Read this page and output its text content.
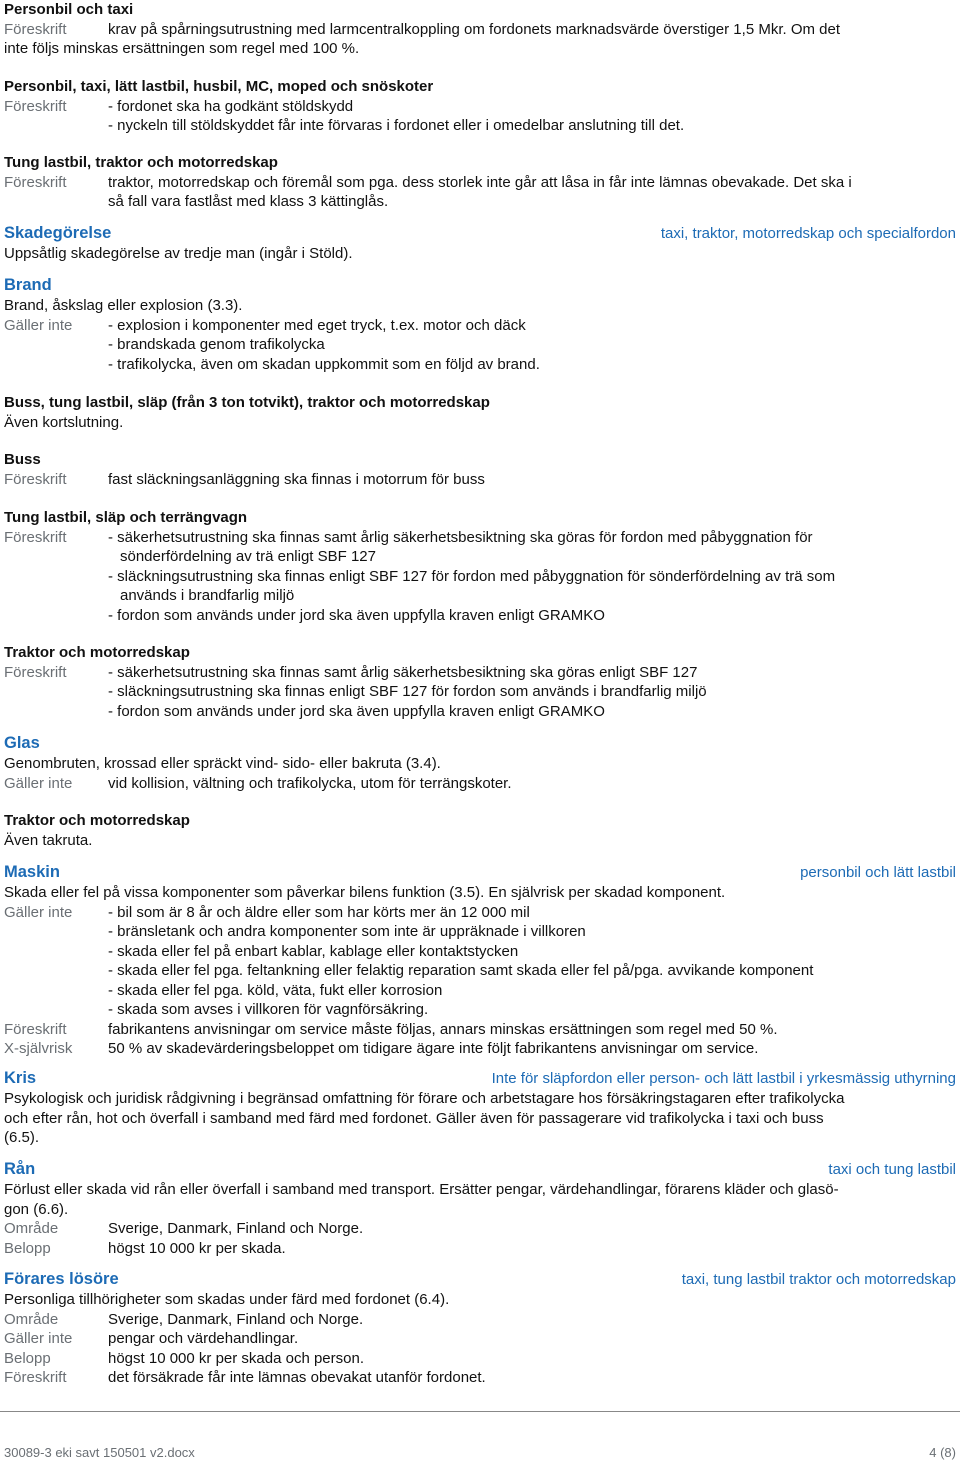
Personbil och taxi
Föreskrift	krav på spårningsutrustning med larmcentralkoppling om fordonets marknadsvärde överstiger 1,5 Mkr. Om det
inte följs minskas ersättningen som regel med 100 %.
Personbil, taxi, lätt lastbil, husbil, MC, moped och snöskoter
Föreskrift	- fordonet ska ha godkänt stöldskydd
- nyckeln till stöldskyddet får inte förvaras i fordonet eller i omedelbar anslutning till det.
Tung lastbil, traktor och motorredskap
Föreskrift	traktor, motorredskap och föremål som pga. dess storlek inte går att låsa in får inte lämnas obevakade. Det ska i
så fall vara fastlåst med klass 3 kättinglås.
Skadegörelse	taxi, traktor, motorredskap och specialfordon
Uppsåtlig skadegörelse av tredje man (ingår i Stöld).
Brand
Brand, åskslag eller explosion (3.3).
Gäller inte	- explosion i komponenter med eget tryck, t.ex. motor och däck
- brandskada genom trafikolycka
- trafikolycka, även om skadan uppkommit som en följd av brand.
Buss, tung lastbil, släp (från 3 ton totvikt), traktor och motorredskap
Även kortslutning.
Buss
Föreskrift	fast släckningsanläggning ska finnas i motorrum för buss
Tung lastbil, släp och terrängvagn
Föreskrift	- säkerhetsutrustning ska finnas samt årlig säkerhetsbesiktning ska göras för fordon med påbyggnation för
sönderfördelning av trä enligt SBF 127
- släckningsutrustning ska finnas enligt SBF 127 för fordon med påbyggnation för sönderfördelning av trä som
används i brandfarlig miljö
- fordon som används under jord ska även uppfylla kraven enligt GRAMKO
Traktor och motorredskap
Föreskrift	- säkerhetsutrustning ska finnas samt årlig säkerhetsbesiktning ska göras enligt SBF 127
- släckningsutrustning ska finnas enligt SBF 127 för fordon som används i brandfarlig miljö
- fordon som används under jord ska även uppfylla kraven enligt GRAMKO
Glas
Genombruten, krossad eller spräckt vind- sido- eller bakruta (3.4).
Gäller inte	vid kollision, vältning och trafikolycka, utom för terrängskoter.
Traktor och motorredskap
Även takruta.
Maskin	personbil och lätt lastbil
Skada eller fel på vissa komponenter som påverkar bilens funktion (3.5). En självrisk per skadad komponent.
Gäller inte	- bil som är 8 år och äldre eller som har körts mer än 12 000 mil
- bränsletank och andra komponenter som inte är uppräknade i villkoren
- skada eller fel på enbart kablar, kablage eller kontaktstycken
- skada eller fel pga. feltankning eller felaktig reparation samt skada eller fel på/pga. avvikande komponent
- skada eller fel pga. köld, väta, fukt eller korrosion
- skada som avses i villkoren för vagnförsäkring.
Föreskrift	fabrikantens anvisningar om service måste följas, annars minskas ersättningen som regel med 50 %.
X-självrisk	50 % av skadevärderingsbeloppet om tidigare ägare inte följt fabrikantens anvisningar om service.
Kris	Inte för släpfordon eller person- och lätt lastbil i yrkesmässig uthyrning
Psykologisk och juridisk rådgivning i begränsad omfattning för förare och arbetstagare hos försäkringstagaren efter trafikolycka
och efter rån, hot och överfall i samband med färd med fordonet. Gäller även för passagerare vid trafikolycka i taxi och buss
(6.5).
Rån	taxi och tung lastbil
Förlust eller skada vid rån eller överfall i samband med transport. Ersätter pengar, värdehandlingar, förarens kläder och glasö-
gon (6.6).
Område	Sverige, Danmark, Finland och Norge.
Belopp	högst 10 000 kr per skada.
Förares lösöre	taxi, tung lastbil traktor och motorredskap
Personliga tillhörigheter som skadas under färd med fordonet (6.4).
Område	Sverige, Danmark, Finland och Norge.
Gäller inte	pengar och värdehandlingar.
Belopp	högst 10 000 kr per skada och person.
Föreskrift	det försäkrade får inte lämnas obevakat utanför fordonet.
30089-3 eki savt 150501 v2.docx	4 (8)
